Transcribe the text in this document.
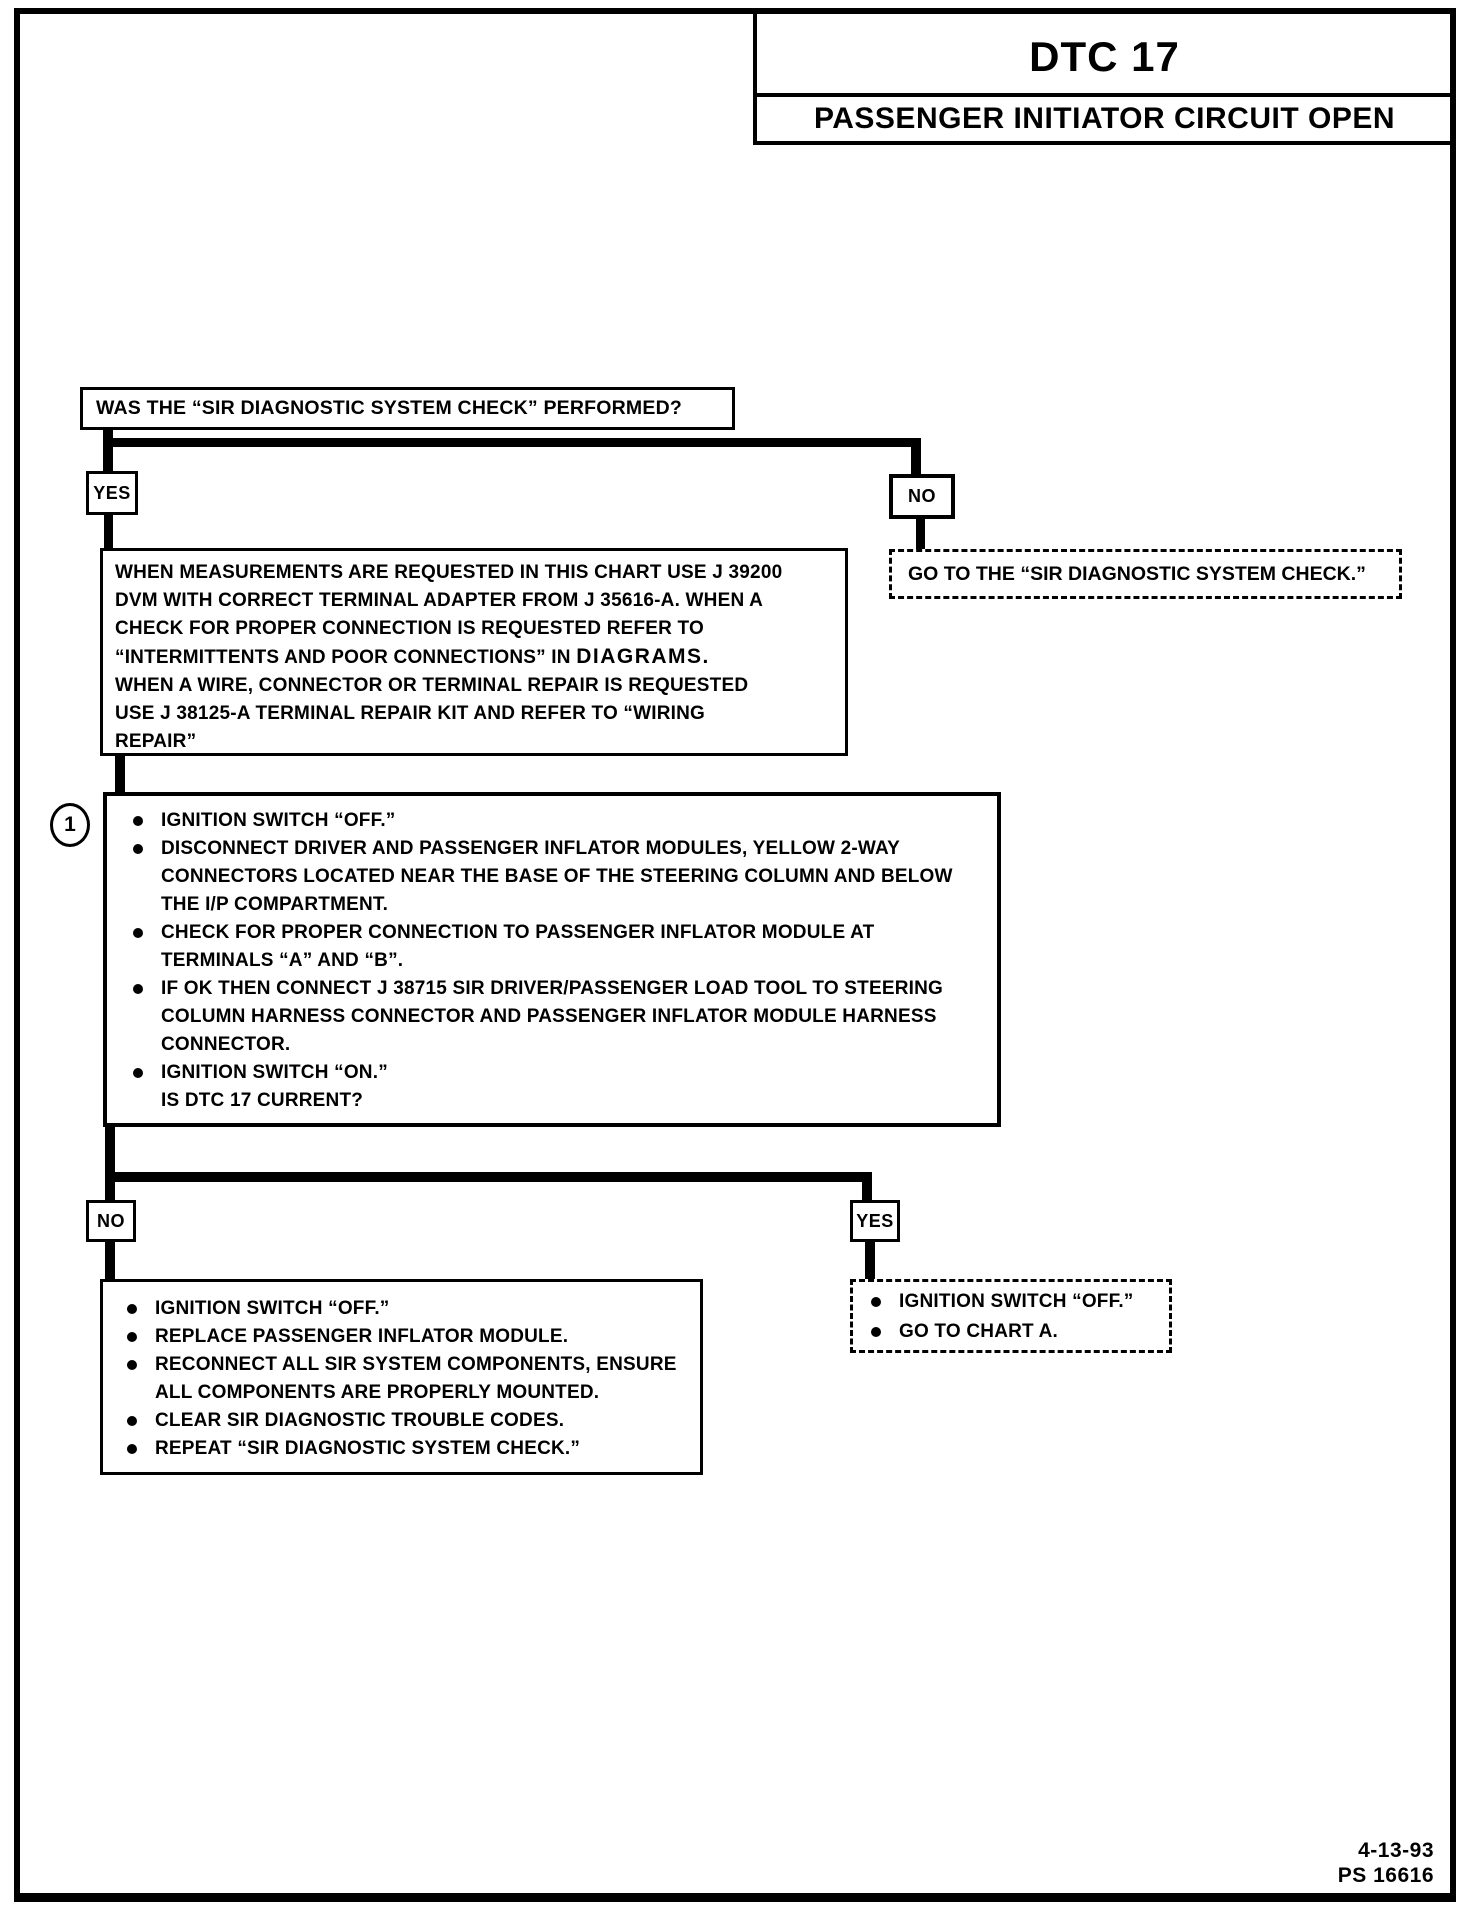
DTC 17
PASSENGER INITIATOR CIRCUIT OPEN
WAS THE “SIR DIAGNOSTIC SYSTEM CHECK” PERFORMED?
YES	NO
GO TO THE “SIR DIAGNOSTIC SYSTEM CHECK.”
WHEN MEASUREMENTS ARE REQUESTED IN THIS CHART USE J 39200
DVM WITH CORRECT TERMINAL ADAPTER FROM J 35616-A. WHEN A
CHECK FOR PROPER CONNECTION IS REQUESTED REFER TO
“INTERMITTENTS AND POOR CONNECTIONS” IN DIAGRAMS.
WHEN A WIRE, CONNECTOR OR TERMINAL REPAIR IS REQUESTED
USE J 38125-A TERMINAL REPAIR KIT AND REFER TO “WIRING
REPAIR”
1	IGNITION SWITCH “OFF.”
DISCONNECT DRIVER AND PASSENGER INFLATOR MODULES, YELLOW 2-WAY
CONNECTORS LOCATED NEAR THE BASE OF THE STEERING COLUMN AND BELOW
THE I/P COMPARTMENT.
CHECK FOR PROPER CONNECTION TO PASSENGER INFLATOR MODULE AT
TERMINALS “A” AND “B”.
IF OK THEN CONNECT J 38715 SIR DRIVER/PASSENGER LOAD TOOL TO STEERING
COLUMN HARNESS CONNECTOR AND PASSENGER INFLATOR MODULE HARNESS
CONNECTOR.
IGNITION SWITCH “ON.”
IS DTC 17 CURRENT?
NO	YES
IGNITION SWITCH “OFF.”
REPLACE PASSENGER INFLATOR MODULE.
RECONNECT ALL SIR SYSTEM COMPONENTS, ENSURE
ALL COMPONENTS ARE PROPERLY MOUNTED.
CLEAR SIR DIAGNOSTIC TROUBLE CODES.
REPEAT “SIR DIAGNOSTIC SYSTEM CHECK.”
IGNITION SWITCH “OFF.”
GO TO CHART A.
4-13-93
PS 16616
